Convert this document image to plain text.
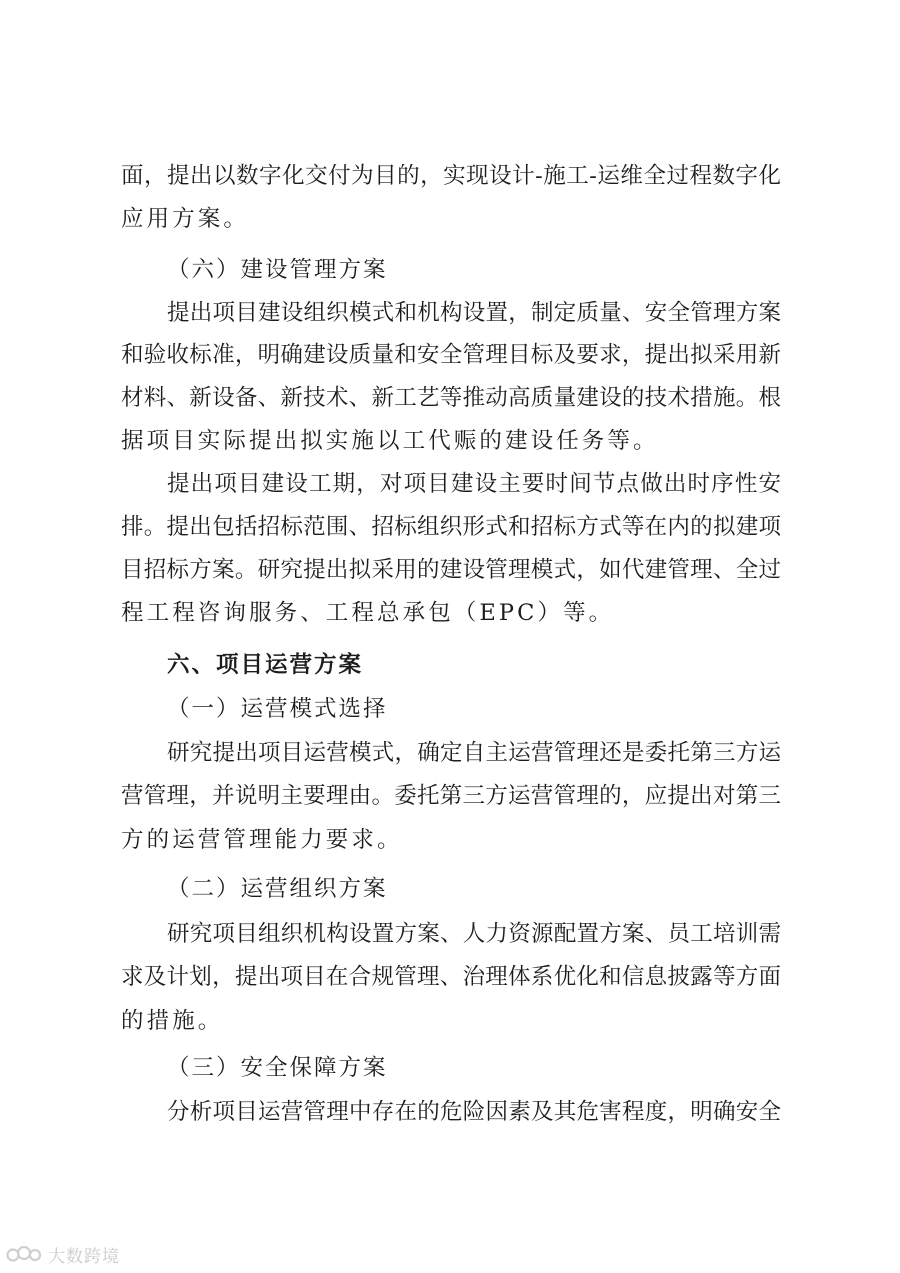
面，提出以数字化交付为目的，实现设计-施工-运维全过程数字化
应用方案。
（六）建设管理方案
提出项目建设组织模式和机构设置，制定质量、安全管理方案
和验收标准，明确建设质量和安全管理目标及要求，提出拟采用新
材料、新设备、新技术、新工艺等推动高质量建设的技术措施。根
据项目实际提出拟实施以工代赈的建设任务等。
提出项目建设工期，对项目建设主要时间节点做出时序性安
排。提出包括招标范围、招标组织形式和招标方式等在内的拟建项
目招标方案。研究提出拟采用的建设管理模式，如代建管理、全过
程工程咨询服务、工程总承包（EPC）等。
六、项目运营方案
（一）运营模式选择
研究提出项目运营模式，确定自主运营管理还是委托第三方运
营管理，并说明主要理由。委托第三方运营管理的，应提出对第三
方的运营管理能力要求。
（二）运营组织方案
研究项目组织机构设置方案、人力资源配置方案、员工培训需
求及计划，提出项目在合规管理、治理体系优化和信息披露等方面
的措施。
（三）安全保障方案
分析项目运营管理中存在的危险因素及其危害程度，明确安全
大数跨境
